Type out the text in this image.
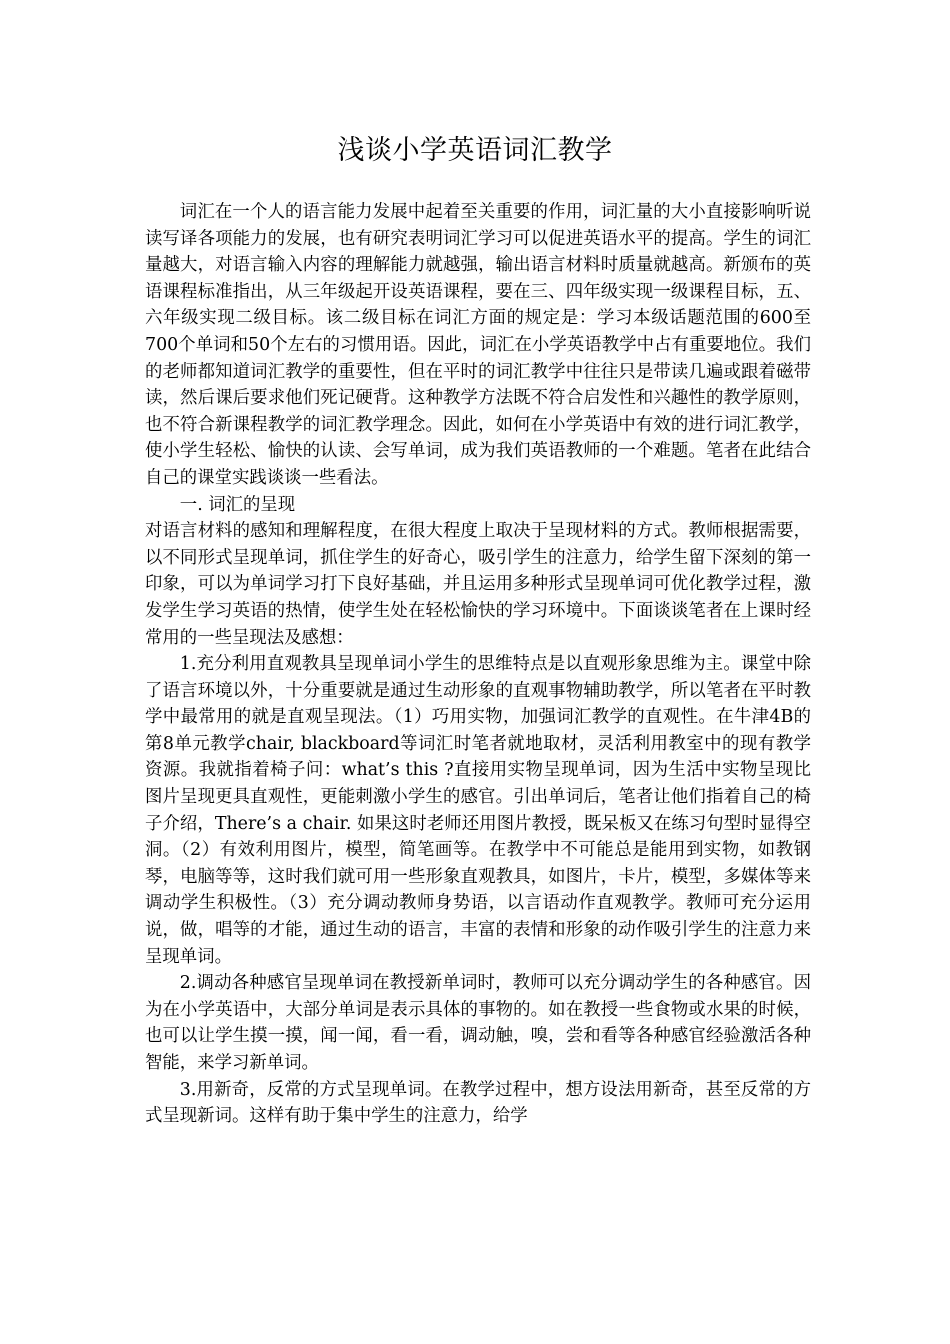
浅谈小学英语词汇教学

词汇在一个人的语言能力发展中起着至关重要的作用，词汇量的大小直接影响听说读写译各项能力的发展，也有研究表明词汇学习可以促进英语水平的提高。学生的词汇量越大，对语言输入内容的理解能力就越强，输出语言材料时质量就越高。新颁布的英语课程标准指出，从三年级起开设英语课程，要在三、四年级实现一级课程目标，五、六年级实现二级目标。该二级目标在词汇方面的规定是：学习本级话题范围的600至700个单词和50个左右的习惯用语。因此，词汇在小学英语教学中占有重要地位。我们的老师都知道词汇教学的重要性，但在平时的词汇教学中往往只是带读几遍或跟着磁带读，然后课后要求他们死记硬背。这种教学方法既不符合启发性和兴趣性的教学原则，也不符合新课程教学的词汇教学理念。因此，如何在小学英语中有效的进行词汇教学，使小学生轻松、愉快的认读、会写单词，成为我们英语教师的一个难题。笔者在此结合自己的课堂实践谈谈一些看法。

一. 词汇的呈现

对语言材料的感知和理解程度，在很大程度上取决于呈现材料的方式。教师根据需要，以不同形式呈现单词，抓住学生的好奇心，吸引学生的注意力，给学生留下深刻的第一印象，可以为单词学习打下良好基础，并且运用多种形式呈现单词可优化教学过程，激发学生学习英语的热情，使学生处在轻松愉快的学习环境中。下面谈谈笔者在上课时经常用的一些呈现法及感想：

1.充分利用直观教具呈现单词小学生的思维特点是以直观形象思维为主。课堂中除了语言环境以外，十分重要就是通过生动形象的直观事物辅助教学，所以笔者在平时教学中最常用的就是直观呈现法。（1）巧用实物，加强词汇教学的直观性。在牛津4B的第8单元教学chair, blackboard等词汇时笔者就地取材，灵活利用教室中的现有教学资源。我就指着椅子问：what’s this ?直接用实物呈现单词，因为生活中实物呈现比图片呈现更具直观性，更能刺激小学生的感官。引出单词后，笔者让他们指着自己的椅子介绍，There’s a chair. 如果这时老师还用图片教授，既呆板又在练习句型时显得空洞。（2）有效利用图片，模型，简笔画等。在教学中不可能总是能用到实物，如教钢琴，电脑等等，这时我们就可用一些形象直观教具，如图片，卡片，模型，多媒体等来调动学生积极性。（3）充分调动教师身势语，以言语动作直观教学。教师可充分运用说，做，唱等的才能，通过生动的语言，丰富的表情和形象的动作吸引学生的注意力来呈现单词。

2.调动各种感官呈现单词在教授新单词时，教师可以充分调动学生的各种感官。因为在小学英语中，大部分单词是表示具体的事物的。如在教授一些食物或水果的时候，也可以让学生摸一摸，闻一闻，看一看，调动触，嗅，尝和看等各种感官经验激活各种智能，来学习新单词。

3.用新奇，反常的方式呈现单词。在教学过程中，想方设法用新奇，甚至反常的方式呈现新词。这样有助于集中学生的注意力，给学
